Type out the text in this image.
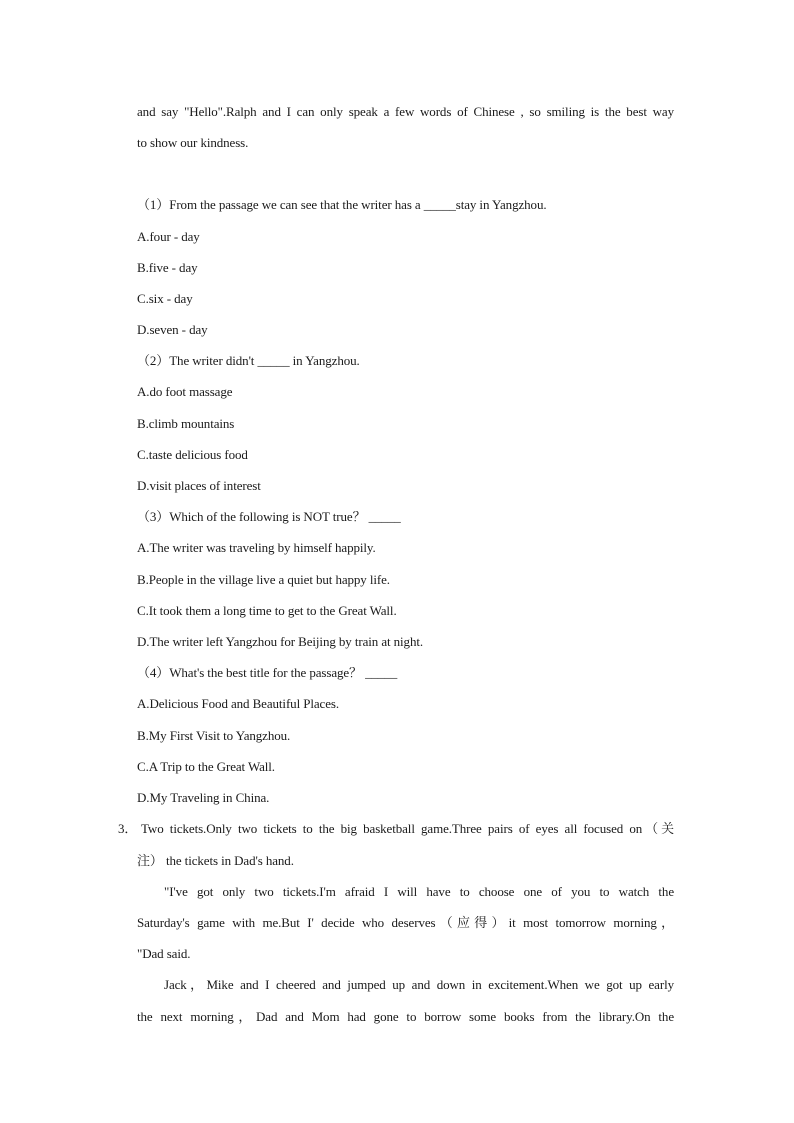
and say "Hello".Ralph and I can only speak a few words of Chinese , so smiling is the best way
to show our kindness.
（1）From the passage we can see that the writer has a _____stay in Yangzhou.
A.four - day
B.five - day
C.six - day
D.seven - day
（2）The writer didn't _____ in Yangzhou.
A.do foot massage
B.climb mountains
C.taste delicious food
D.visit places of interest
（3）Which of the following is NOT true？ _____
A.The writer was traveling by himself happily.
B.People in the village live a quiet but happy life.
C.It took them a long time to get to the Great Wall.
D.The writer left Yangzhou for Beijing by train at night.
（4）What's the best title for the passage？ _____
A.Delicious Food and Beautiful Places.
B.My First Visit to Yangzhou.
C.A Trip to the Great Wall.
D.My Traveling in China.
3． Two tickets.Only two tickets to the big basketball game.Three pairs of eyes all focused on（关
注） the tickets in Dad's hand.
"I've got only two tickets.I'm afraid I will have to choose one of you to watch the
Saturday's game with me.But I' decide who deserves（应得）it most tomorrow morning，
"Dad said.
Jack，Mike and I cheered and jumped up and down in excitement.When we got up early
the next morning，Dad and Mom had gone to borrow some books from the library.On the
